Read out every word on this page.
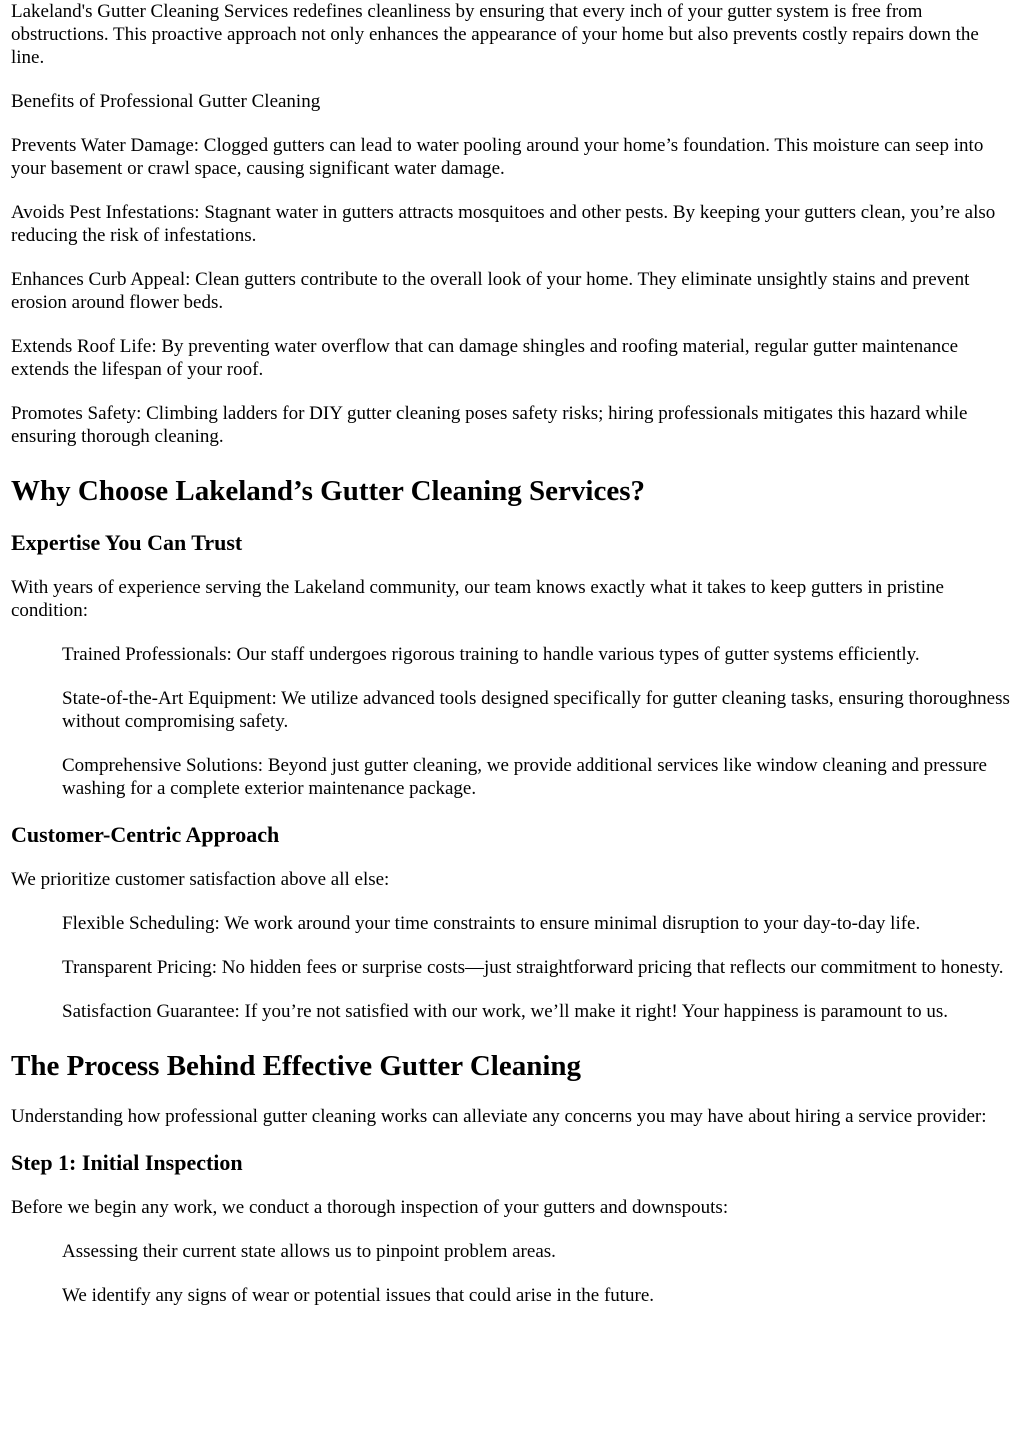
Lakeland's Gutter Cleaning Services redefines cleanliness by ensuring that every inch of your gutter system is free from obstructions. This proactive approach not only enhances the appearance of your home but also prevents costly repairs down the line.

Benefits of Professional Gutter Cleaning

Prevents Water Damage: Clogged gutters can lead to water pooling around your home’s foundation. This moisture can seep into your basement or crawl space, causing significant water damage.

Avoids Pest Infestations: Stagnant water in gutters attracts mosquitoes and other pests. By keeping your gutters clean, you’re also reducing the risk of infestations.

Enhances Curb Appeal: Clean gutters contribute to the overall look of your home. They eliminate unsightly stains and prevent erosion around flower beds.

Extends Roof Life: By preventing water overflow that can damage shingles and roofing material, regular gutter maintenance extends the lifespan of your roof.

Promotes Safety: Climbing ladders for DIY gutter cleaning poses safety risks; hiring professionals mitigates this hazard while ensuring thorough cleaning.

Why Choose Lakeland’s Gutter Cleaning Services?
Expertise You Can Trust

With years of experience serving the Lakeland community, our team knows exactly what it takes to keep gutters in pristine condition:

Trained Professionals: Our staff undergoes rigorous training to handle various types of gutter systems efficiently.

State-of-the-Art Equipment: We utilize advanced tools designed specifically for gutter cleaning tasks, ensuring thoroughness without compromising safety.

Comprehensive Solutions: Beyond just gutter cleaning, we provide additional services like window cleaning and pressure washing for a complete exterior maintenance package.

Customer-Centric Approach

We prioritize customer satisfaction above all else:

Flexible Scheduling: We work around your time constraints to ensure minimal disruption to your day-to-day life.

Transparent Pricing: No hidden fees or surprise costs—just straightforward pricing that reflects our commitment to honesty.

Satisfaction Guarantee: If you’re not satisfied with our work, we’ll make it right! Your happiness is paramount to us.

The Process Behind Effective Gutter Cleaning

Understanding how professional gutter cleaning works can alleviate any concerns you may have about hiring a service provider:

Step 1: Initial Inspection

Before we begin any work, we conduct a thorough inspection of your gutters and downspouts:

Assessing their current state allows us to pinpoint problem areas.

We identify any signs of wear or potential issues that could arise in the future.
